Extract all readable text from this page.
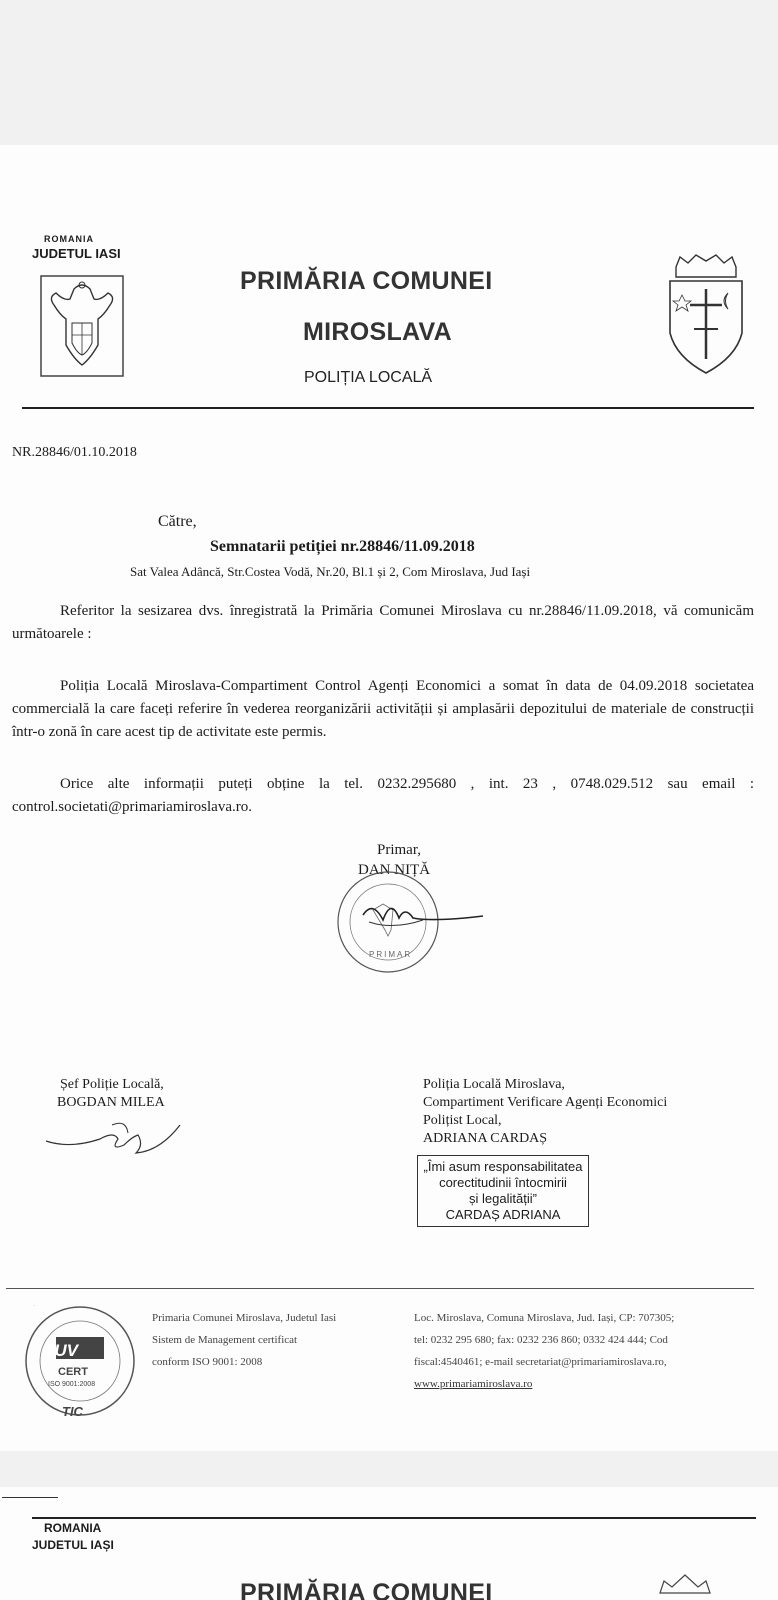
ROMANIA
JUDETUL IASI
PRIMĂRIA COMUNEI
MIROSLAVA
POLIȚIA LOCALĂ
NR.28846/01.10.2018
Către,
Semnatarii petiției nr.28846/11.09.2018
Sat Valea Adâncă, Str.Costea Vodă, Nr.20, Bl.1 și 2, Com Miroslava, Jud Iași
Referitor la sesizarea dvs. înregistrată la Primăria Comunei Miroslava cu nr.28846/11.09.2018, vă comunicăm următoarele :
Poliția Locală Miroslava-Compartiment Control Agenți Economici a somat în data de 04.09.2018 societatea commercială la care faceți referire în vederea reorganizării activității și amplasării depozitului de materiale de construcții într-o zonă în care acest tip de activitate este permis.
Orice alte informații puteți obține la tel. 0232.295680 , int. 23 , 0748.029.512 sau email : control.societati@primariamiroslava.ro.
Primar,
DAN NIȚĂ
PRIMAR
Șef Poliție Locală,
BOGDAN MILEA
Poliția Locală Miroslava,
Compartiment Verificare Agenți Economici
Polițist Local,
ADRIANA CARDAȘ
„Îmi asum responsabilitatea
corectitudinii întocmirii
și legalității”
CARDAȘ ADRIANA
TUV
CERT
ISO 9001:2008
TIC
T
Primaria Comunei Miroslava, Judetul Iasi
Sistem de Management certificat
conform ISO 9001: 2008
Loc. Miroslava, Comuna Miroslava, Jud. Iași, CP: 707305;
tel: 0232 295 680; fax: 0232 236 860; 0332 424 444; Cod
fiscal:4540461; e-mail secretariat@primariamiroslava.ro,
www.primariamiroslava.ro
ROMANIA
JUDETUL IAȘI
PRIMĂRIA COMUNEI
